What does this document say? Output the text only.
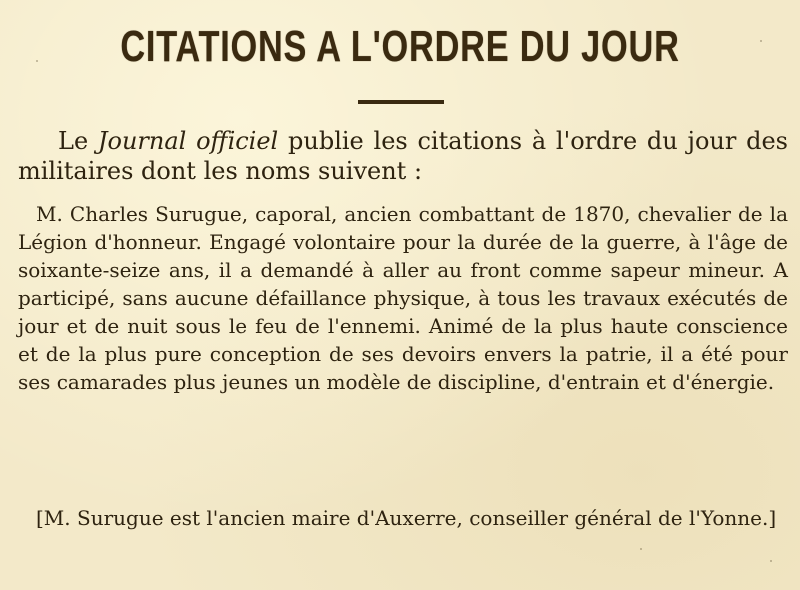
CITATIONS A L'ORDRE DU JOUR
Le Journal officiel publie les citations à l'ordre du jour des militaires dont les noms suivent :
M. Charles Surugue, caporal, ancien combattant de 1870, chevalier de la Légion d'honneur. Engagé volontaire pour la durée de la guerre, à l'âge de soixante-seize ans, il a demandé à aller au front comme sapeur mineur. A participé, sans aucune défaillance physique, à tous les travaux exécutés de jour et de nuit sous le feu de l'ennemi. Animé de la plus haute conscience et de la plus pure conception de ses devoirs envers la patrie, il a été pour ses camarades plus jeunes un modèle de discipline, d'entrain et d'énergie.
[M. Surugue est l'ancien maire d'Auxerre, conseiller général de l'Yonne.]
